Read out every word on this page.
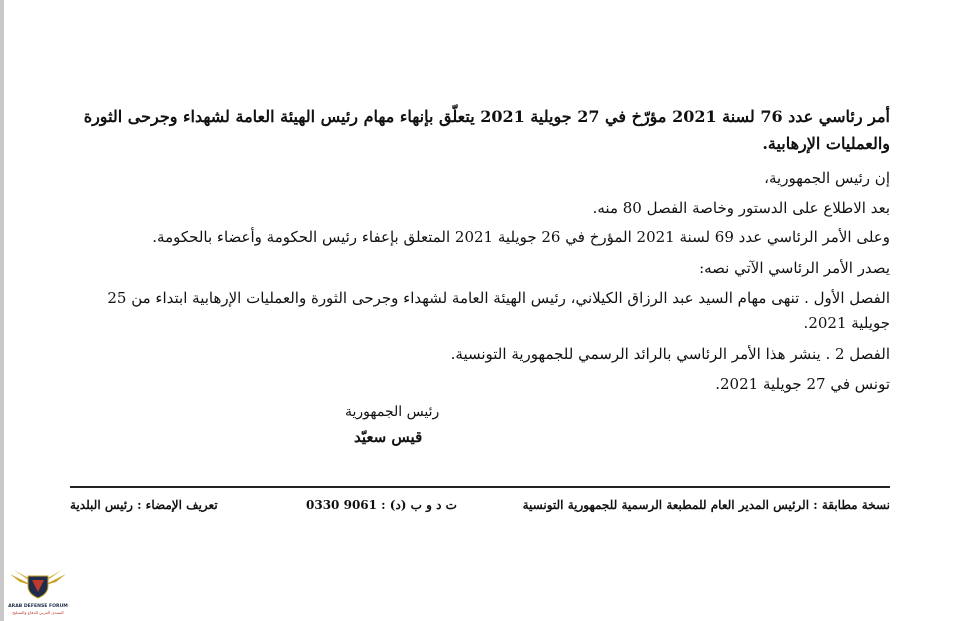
أمر رئاسي عدد 76 لسنة 2021 مؤرّخ في 27 جويلية 2021 يتعلّق بإنهاء مهام رئيس الهيئة العامة لشهداء وجرحى الثورة
والعمليات الإرهابية.
إن رئيس الجمهورية،
بعد الاطلاع على الدستور وخاصة الفصل 80 منه.
وعلى الأمر الرئاسي عدد 69 لسنة 2021 المؤرخ في 26 جويلية 2021 المتعلق بإعفاء رئيس الحكومة وأعضاء بالحكومة.
يصدر الأمر الرئاسي الآتي نصه:
الفصل الأول . تنهى مهام السيد عبد الرزاق الكيلاني، رئيس الهيئة العامة لشهداء وجرحى الثورة والعمليات الإرهابية ابتداء من 25
جويلية 2021.
الفصل 2 . ينشر هذا الأمر الرئاسي بالرائد الرسمي للجمهورية التونسية.
تونس في 27 جويلية 2021.
رئيس الجمهورية
قيس سعيّد
نسخة مطابقة : الرئيس المدير العام للمطبعة الرسمية للجمهورية التونسية
ت د و ب (د) : 9061 0330
تعريف الإمضاء : رئيس البلدية
ARAB DEFENSE FORUM
المنتدى العربي للدفاع والتسليح
